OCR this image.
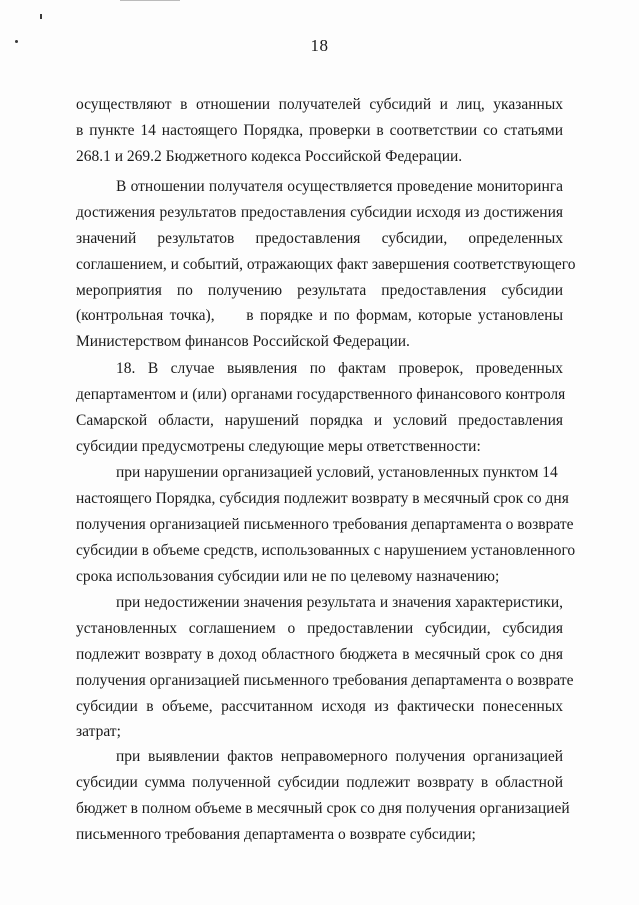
18
осуществляют в отношении получателей субсидий и лиц, указанных
в пункте 14 настоящего Порядка, проверки в соответствии со статьями
268.1 и 269.2 Бюджетного кодекса Российской Федерации.
В отношении получателя осуществляется проведение мониторинга
достижения результатов предоставления субсидии исходя из достижения
значений результатов предоставления субсидии, определенных
соглашением, и событий, отражающих факт завершения соответствующего
мероприятия по получению результата предоставления субсидии
(контрольная точка),     в порядке и по формам, которые установлены
Министерством финансов Российской Федерации.
18. В случае выявления по фактам проверок, проведенных
департаментом и (или) органами государственного финансового контроля
Самарской области, нарушений порядка и условий предоставления
субсидии предусмотрены следующие меры ответственности:
при нарушении организацией условий, установленных пунктом 14
настоящего Порядка, субсидия подлежит возврату в месячный срок со дня
получения организацией письменного требования департамента о возврате
субсидии в объеме средств, использованных с нарушением установленного
срока использования субсидии или не по целевому назначению;
при недостижении значения результата и значения характеристики,
установленных соглашением о предоставлении субсидии, субсидия
подлежит возврату в доход областного бюджета в месячный срок со дня
получения организацией письменного требования департамента о возврате
субсидии в объеме, рассчитанном исходя из фактически понесенных
затрат;
при выявлении фактов неправомерного получения организацией
субсидии сумма полученной субсидии подлежит возврату в областной
бюджет в полном объеме в месячный срок со дня получения организацией
письменного требования департамента о возврате субсидии;
